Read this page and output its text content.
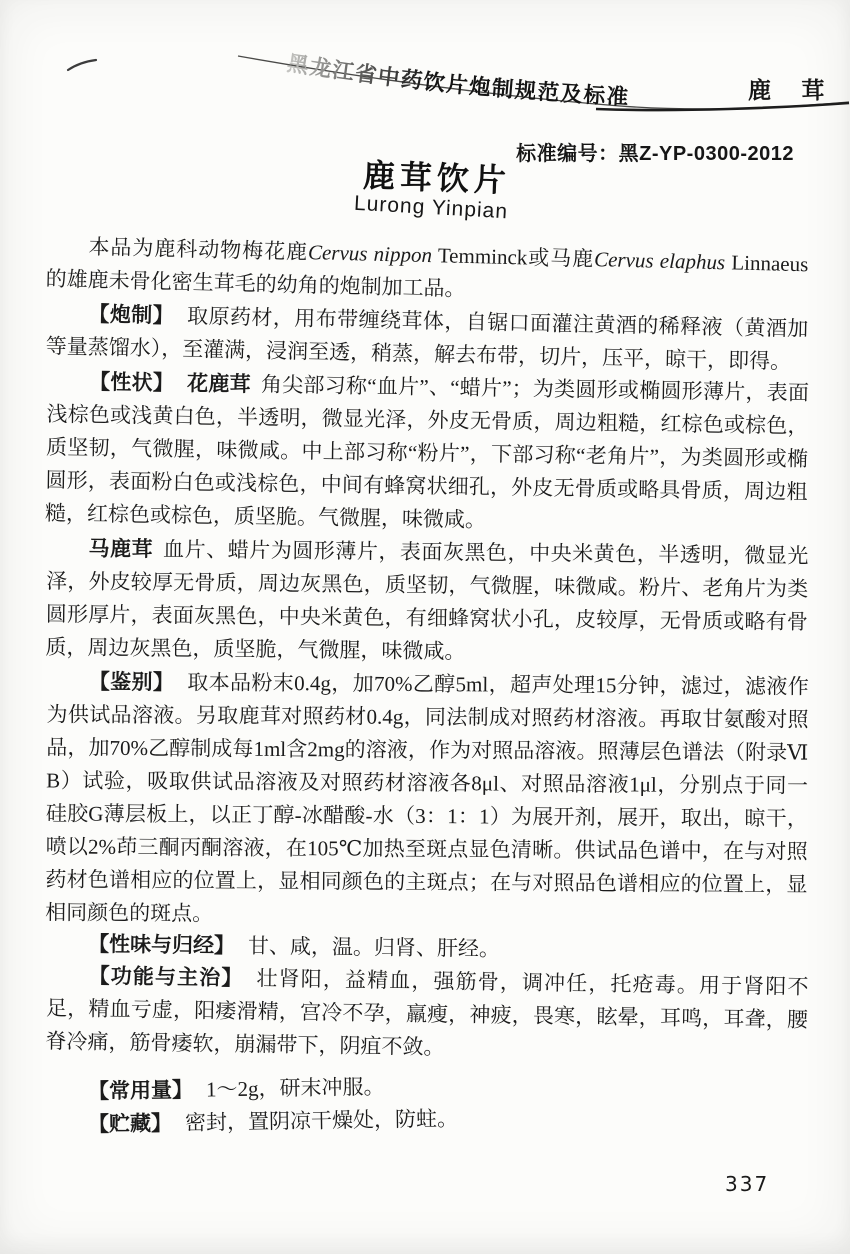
黑龙江省中药饮片炮制规范及标准	鹿 茸
标准编号：黑Z-YP-0300-2012
鹿茸饮片
Lurong Yinpian

本品为鹿科动物梅花鹿Cervus nippon Temminck或马鹿Cervus elaphus Linnaeus的雄鹿未骨化密生茸毛的幼角的炮制加工品。

【炮制】 取原药材，用布带缠绕茸体，自锯口面灌注黄酒的稀释液（黄酒加等量蒸馏水），至灌满，浸润至透，稍蒸，解去布带，切片，压平，晾干，即得。

【性状】 花鹿茸 角尖部习称“血片”、“蜡片”；为类圆形或椭圆形薄片，表面浅棕色或浅黄白色，半透明，微显光泽，外皮无骨质，周边粗糙，红棕色或棕色，质坚韧，气微腥，味微咸。中上部习称“粉片”，下部习称“老角片”，为类圆形或椭圆形，表面粉白色或浅棕色，中间有蜂窝状细孔，外皮无骨质或略具骨质，周边粗糙，红棕色或棕色，质坚脆。气微腥，味微咸。

马鹿茸 血片、蜡片为圆形薄片，表面灰黑色，中央米黄色，半透明，微显光泽，外皮较厚无骨质，周边灰黑色，质坚韧，气微腥，味微咸。粉片、老角片为类圆形厚片，表面灰黑色，中央米黄色，有细蜂窝状小孔，皮较厚，无骨质或略有骨质，周边灰黑色，质坚脆，气微腥，味微咸。

【鉴别】 取本品粉末0.4g，加70%乙醇5ml，超声处理15分钟，滤过，滤液作为供试品溶液。另取鹿茸对照药材0.4g，同法制成对照药材溶液。再取甘氨酸对照品，加70%乙醇制成每1ml含2mg的溶液，作为对照品溶液。照薄层色谱法（附录Ⅵ B）试验，吸取供试品溶液及对照药材溶液各8μl、对照品溶液1μl，分别点于同一硅胶G薄层板上，以正丁醇-冰醋酸-水（3：1：1）为展开剂，展开，取出，晾干，喷以2%茚三酮丙酮溶液，在105℃加热至斑点显色清晰。供试品色谱中，在与对照药材色谱相应的位置上，显相同颜色的主斑点；在与对照品色谱相应的位置上，显相同颜色的斑点。

【性味与归经】 甘、咸，温。归肾、肝经。

【功能与主治】 壮肾阳，益精血，强筋骨，调冲任，托疮毒。用于肾阳不足，精血亏虚，阳痿滑精，宫冷不孕，羸瘦，神疲，畏寒，眩晕，耳鸣，耳聋，腰脊冷痛，筋骨痿软，崩漏带下，阴疽不敛。

【常用量】 1～2g，研末冲服。

【贮藏】 密封，置阴凉干燥处，防蛀。

337
